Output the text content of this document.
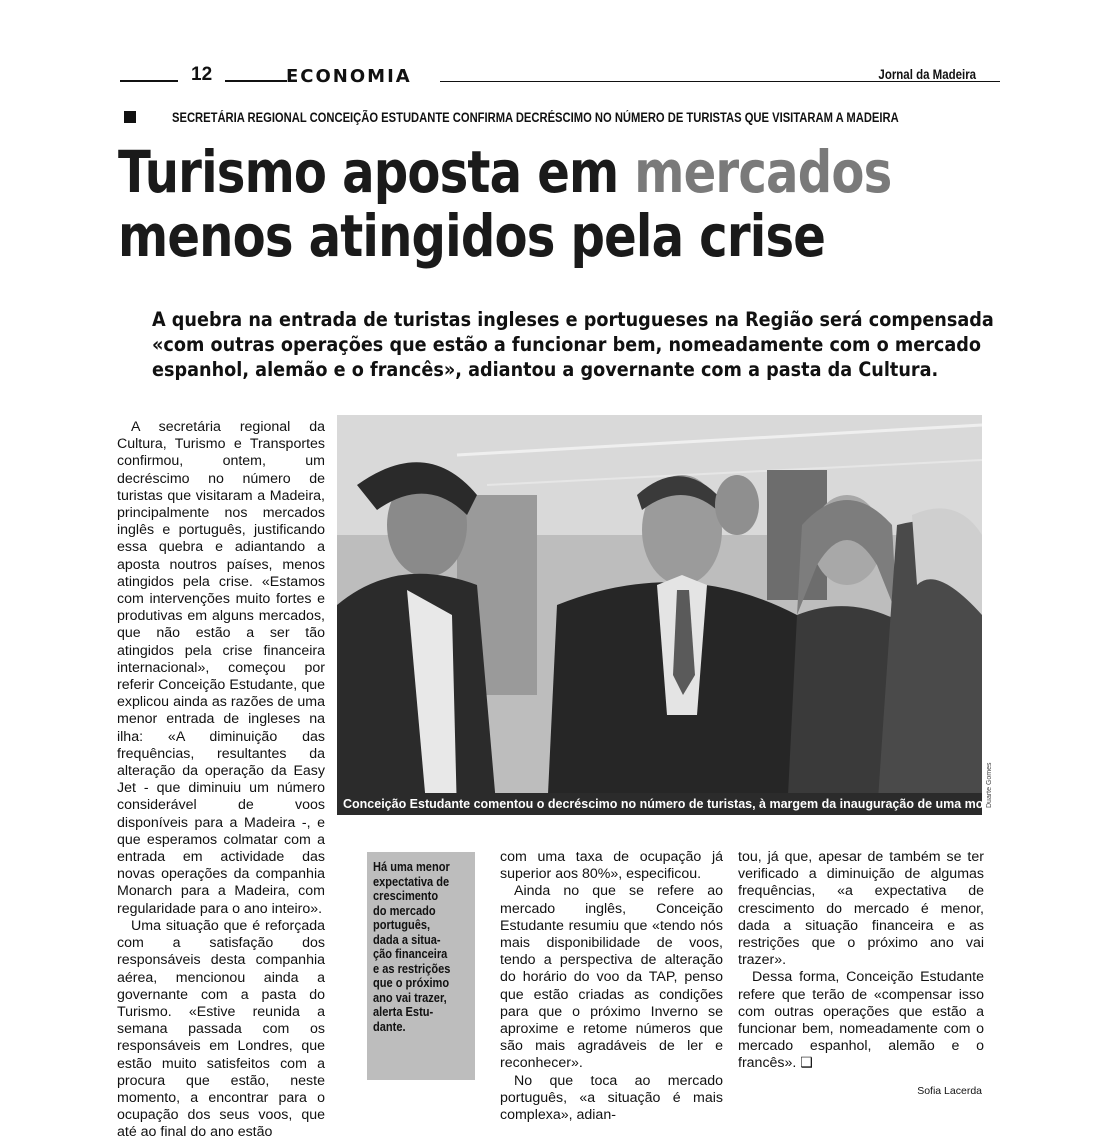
12	ECONOMIA	Jornal da Madeira
SECRETÁRIA REGIONAL CONCEIÇÃO ESTUDANTE CONFIRMA DECRÉSCIMO NO NÚMERO DE TURISTAS QUE VISITARAM A MADEIRA
Turismo aposta em mercados
menos atingidos pela crise
A quebra na entrada de turistas ingleses e portugueses na Região será compensada
«com outras operações que estão a funcionar bem, nomeadamente com o mercado
espanhol, alemão e o francês», adiantou a governante com a pasta da Cultura.

A secretária regional da Cultura, Turismo e Transportes confirmou, ontem, um decréscimo no número de turistas que visitaram a Madeira, principalmente nos mercados inglês e português, justificando essa quebra e adiantando a aposta noutros países, menos atingidos pela crise. «Estamos com intervenções muito fortes e produtivas em alguns mercados, que não estão a ser tão atingidos pela crise financeira internacional», começou por referir Conceição Estudante, que explicou ainda as razões de uma menor entrada de ingleses na ilha: «A diminuição das frequências, resultantes da alteração da operação da Easy Jet - que diminuiu um número considerável de voos disponíveis para a Madeira -, e que esperamos colmatar com a entrada em actividade das novas operações da companhia Monarch para a Madeira, com regularidade para o ano inteiro».

Uma situação que é reforçada com a satisfação dos responsáveis desta companhia aérea, mencionou ainda a governante com a pasta do Turismo. «Estive reunida a semana passada com os responsáveis em Londres, que estão muito satisfeitos com a procura que estão, neste momento, a encontrar para o ocupação dos seus voos, que até ao final do ano estão

Conceição Estudante comentou o decréscimo no número de turistas, à margem da inauguração de uma mostra na Gare Marítima.
Duarte Gomes
Há uma menor
expectativa de
crescimento
do mercado
português,
dada a situa-
ção financeira
e as restrições
que o próximo
ano vai trazer,
alerta Estu-
dante.

com uma taxa de ocupação já superior aos 80%», especificou.

Ainda no que se refere ao mercado inglês, Conceição Estudante resumiu que «tendo nós mais disponibilidade de voos, tendo a perspectiva de alteração do horário do voo da TAP, penso que estão criadas as condições para que o próximo Inverno se aproxime e retome números que são mais agradáveis de ler e reconhecer».

No que toca ao mercado português, «a situação é mais complexa», adian-

tou, já que, apesar de também se ter verificado a diminuição de algumas frequências, «a expectativa de crescimento do mercado é menor, dada a situação financeira e as restrições que o próximo ano vai trazer».

Dessa forma, Conceição Estudante refere que terão de «compensar isso com outras operações que estão a funcionar bem, nomeadamente com o mercado espanhol, alemão e o francês». ❑

Sofia Lacerda
